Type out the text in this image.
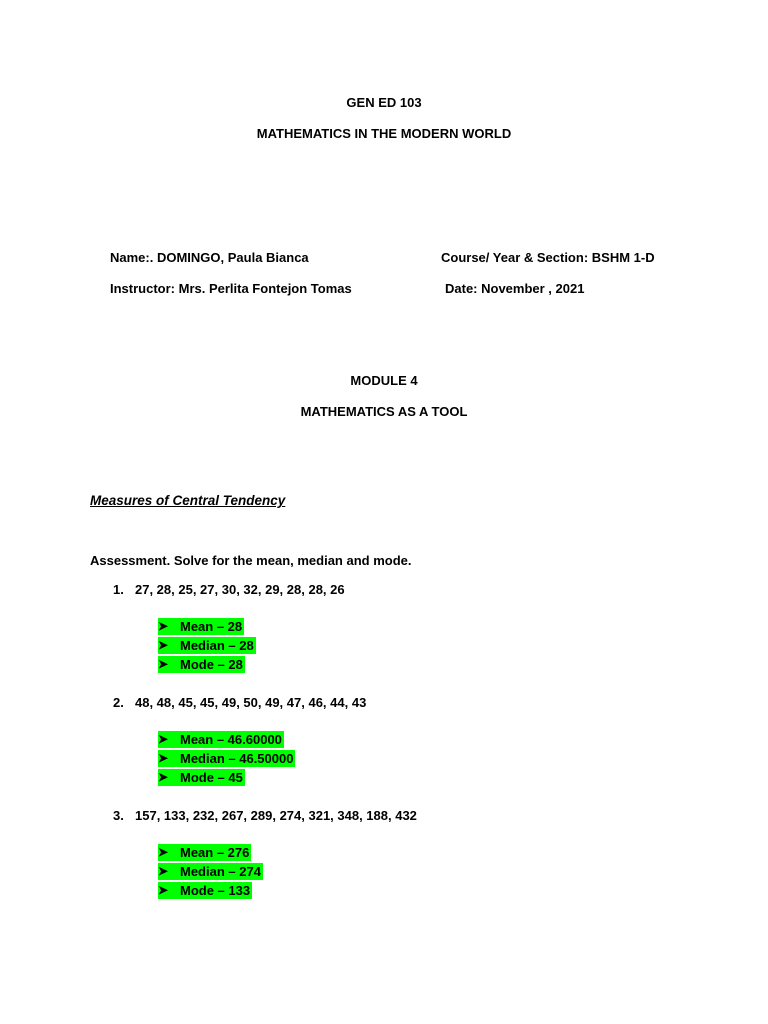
GEN ED 103
MATHEMATICS IN THE MODERN WORLD
Name:. DOMINGO, Paula Bianca	Course/ Year & Section: BSHM 1-D
Instructor: Mrs. Perlita Fontejon Tomas	Date: November , 2021
MODULE 4
MATHEMATICS AS A TOOL
Measures of Central Tendency
Assessment. Solve for the mean, median and mode.
1. 27, 28, 25, 27, 30, 32, 29, 28, 28, 26
➤ Mean – 28
➤ Median – 28
➤ Mode – 28
2. 48, 48, 45, 45, 49, 50, 49, 47, 46, 44, 43
➤ Mean – 46.60000
➤ Median – 46.50000
➤ Mode – 45
3. 157, 133, 232, 267, 289, 274, 321, 348, 188, 432
➤ Mean – 276
➤ Median – 274
➤ Mode – 133
